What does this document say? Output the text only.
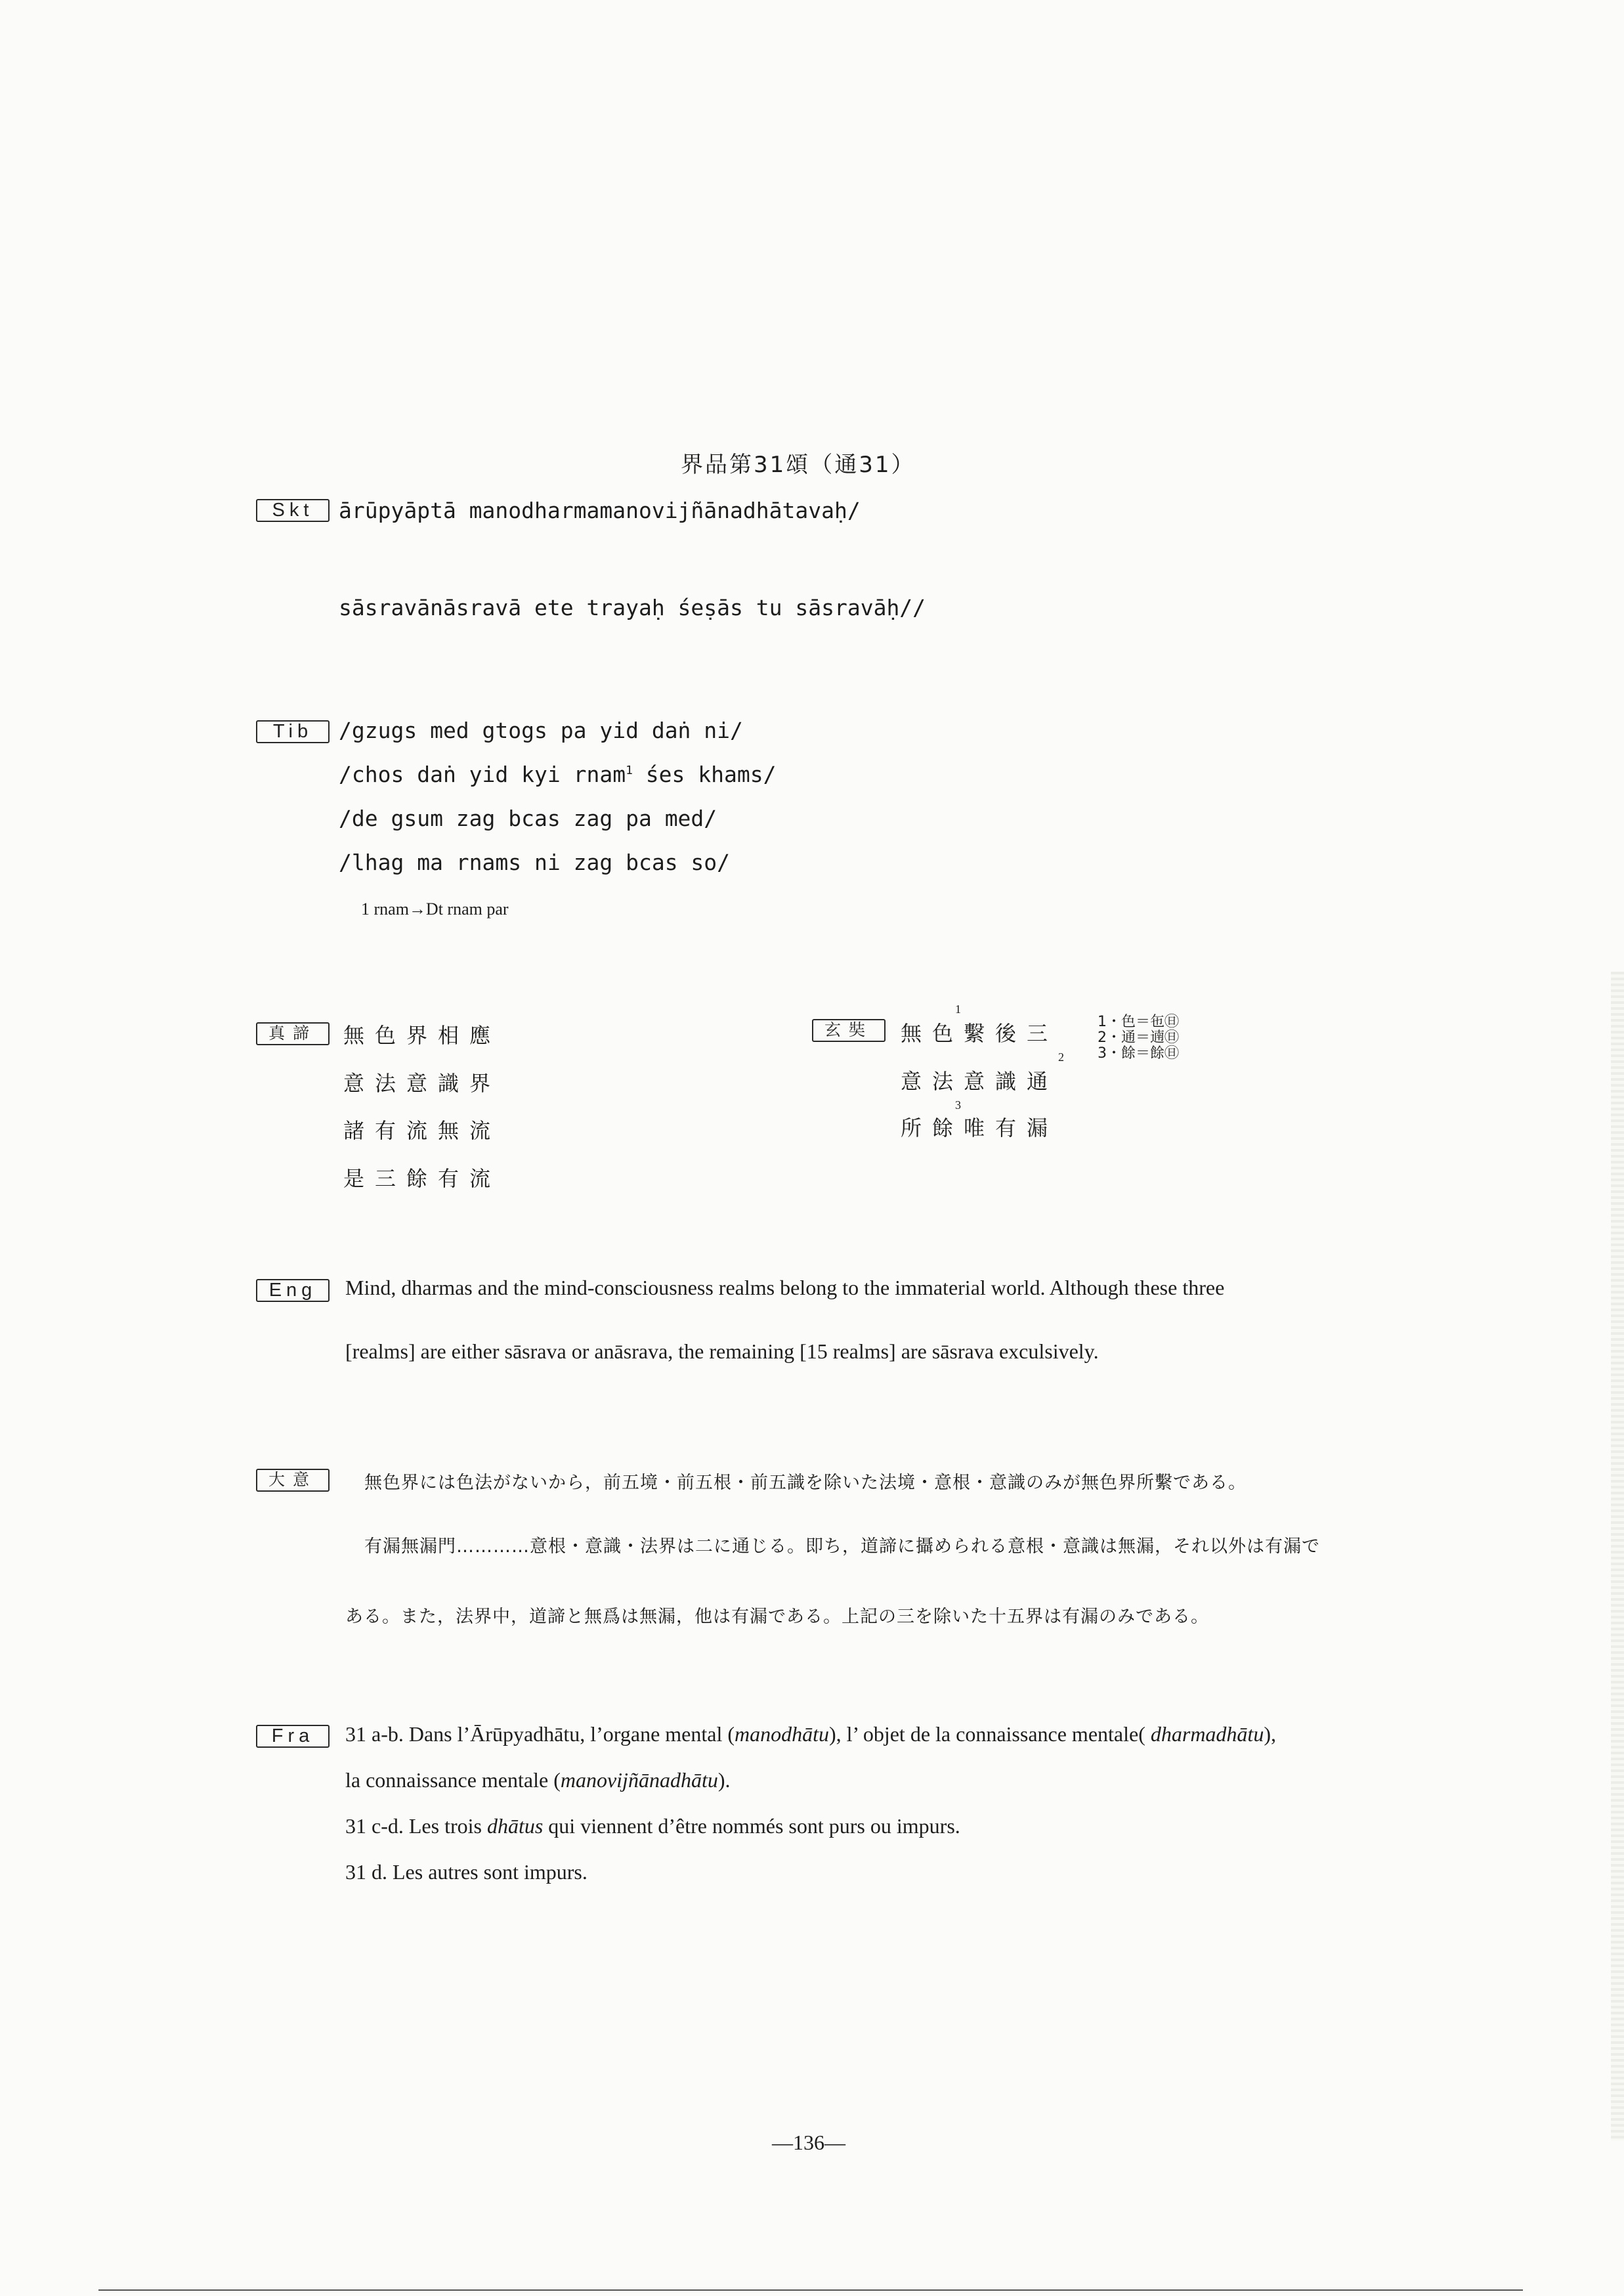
界品第31頌（通31）
Skt	ārūpyāptā manodharmamanovijñānadhātavaḥ/
sāsravānāsravā ete trayaḥ śeṣās tu sāsravāḥ//
Tib	/gzugs med gtogs pa yid daṅ ni/
/chos daṅ yid kyi rnam$^1$ śes khams/
/de gsum zag bcas zag pa med/
/lhag ma rnams ni zag bcas so/
1 rnam→Dt rnam par
真諦	無色界相應
意法意識界
諸有流無流
是三餘有流
玄奘	無色繫後三
1
意法意識通
2
所餘唯有漏
3
1・色＝㐌㊐
2・通＝遖㊐
3・餘＝餘㊐
Eng	Mind, dharmas and the mind-consciousness realms belong to the immaterial world. Although these three
[realms] are either sāsrava or anāsrava, the remaining [15 realms] are sāsrava exculsively.
大意	無色界には色法がないから，前五境・前五根・前五識を除いた法境・意根・意識のみが無色界所繫である。
有漏無漏門…………意根・意識・法界は二に通じる。即ち，道諦に攝められる意根・意識は無漏，それ以外は有漏で
ある。また，法界中，道諦と無爲は無漏，他は有漏である。上記の三を除いた十五界は有漏のみである。
Fra	31 a-b. Dans l’Ārūpyadhātu, l’organe mental (manodhātu), l’ objet de la connaissance mentale( dharmadhātu),
la connaissance mentale (manovijñānadhātu).
31 c-d. Les trois dhātus qui viennent d’être nommés sont purs ou impurs.
31 d. Les autres sont impurs.
—136—
